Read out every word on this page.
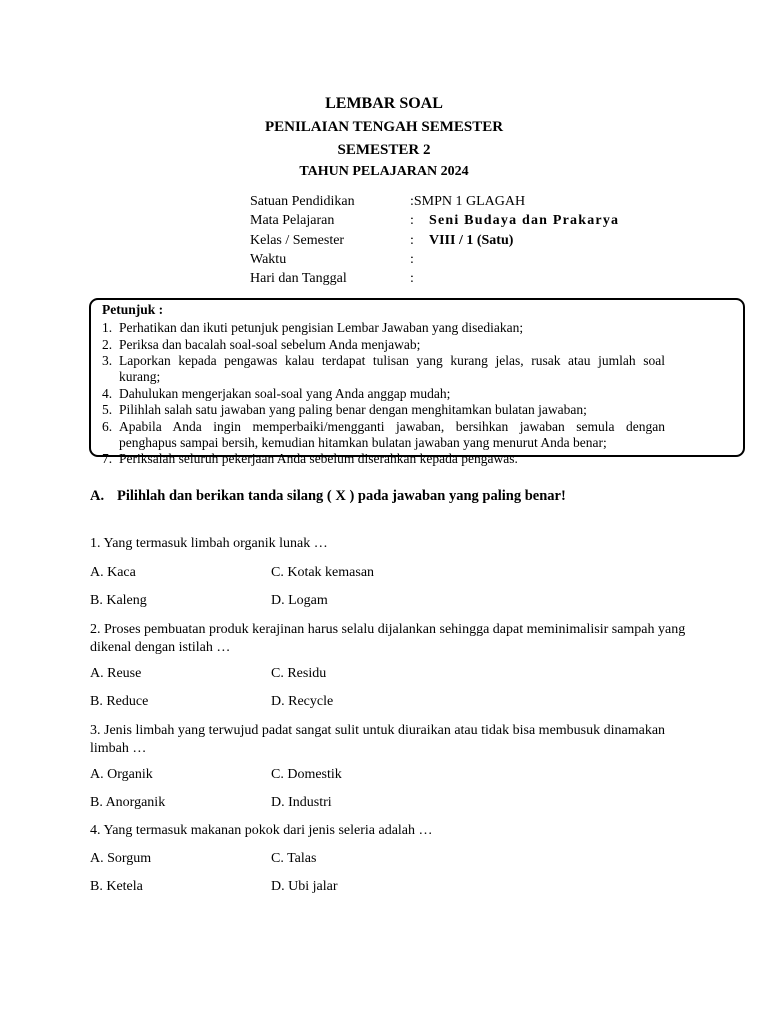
LEMBAR SOAL
PENILAIAN TENGAH SEMESTER
SEMESTER 2
TAHUN PELAJARAN 2024
Satuan Pendidikan	:SMPN 1 GLAGAH
Mata Pelajaran	: Seni Budaya dan Prakarya
Kelas / Semester	: VIII / 1 (Satu)
Waktu	:
Hari dan Tanggal	:
Petunjuk :
1. Perhatikan dan ikuti petunjuk pengisian Lembar Jawaban yang disediakan;
2. Periksa dan bacalah soal-soal sebelum Anda menjawab;
3. Laporkan kepada pengawas kalau terdapat tulisan yang kurang jelas, rusak atau jumlah soal
kurang;
4. Dahulukan mengerjakan soal-soal yang Anda anggap mudah;
5. Pilihlah salah satu jawaban yang paling benar dengan menghitamkan bulatan jawaban;
6. Apabila Anda ingin memperbaiki/mengganti jawaban, bersihkan jawaban semula dengan
penghapus sampai bersih, kemudian hitamkan bulatan jawaban yang menurut Anda benar;
7. Periksalah seluruh pekerjaan Anda sebelum diserahkan kepada pengawas.
A. Pilihlah dan berikan tanda silang ( X ) pada jawaban yang paling benar!
1. Yang termasuk limbah organik lunak …
A. Kaca	C. Kotak kemasan
B. Kaleng	D. Logam
2. Proses pembuatan produk kerajinan harus selalu dijalankan sehingga dapat meminimalisir sampah yang dikenal dengan istilah …
A. Reuse	C. Residu
B. Reduce	D. Recycle
3. Jenis limbah yang terwujud padat sangat sulit untuk diuraikan atau tidak bisa membusuk dinamakan limbah …
A. Organik	C. Domestik
B. Anorganik	D. Industri
4. Yang termasuk makanan pokok dari jenis seleria adalah …
A. Sorgum	C. Talas
B. Ketela	D. Ubi jalar
